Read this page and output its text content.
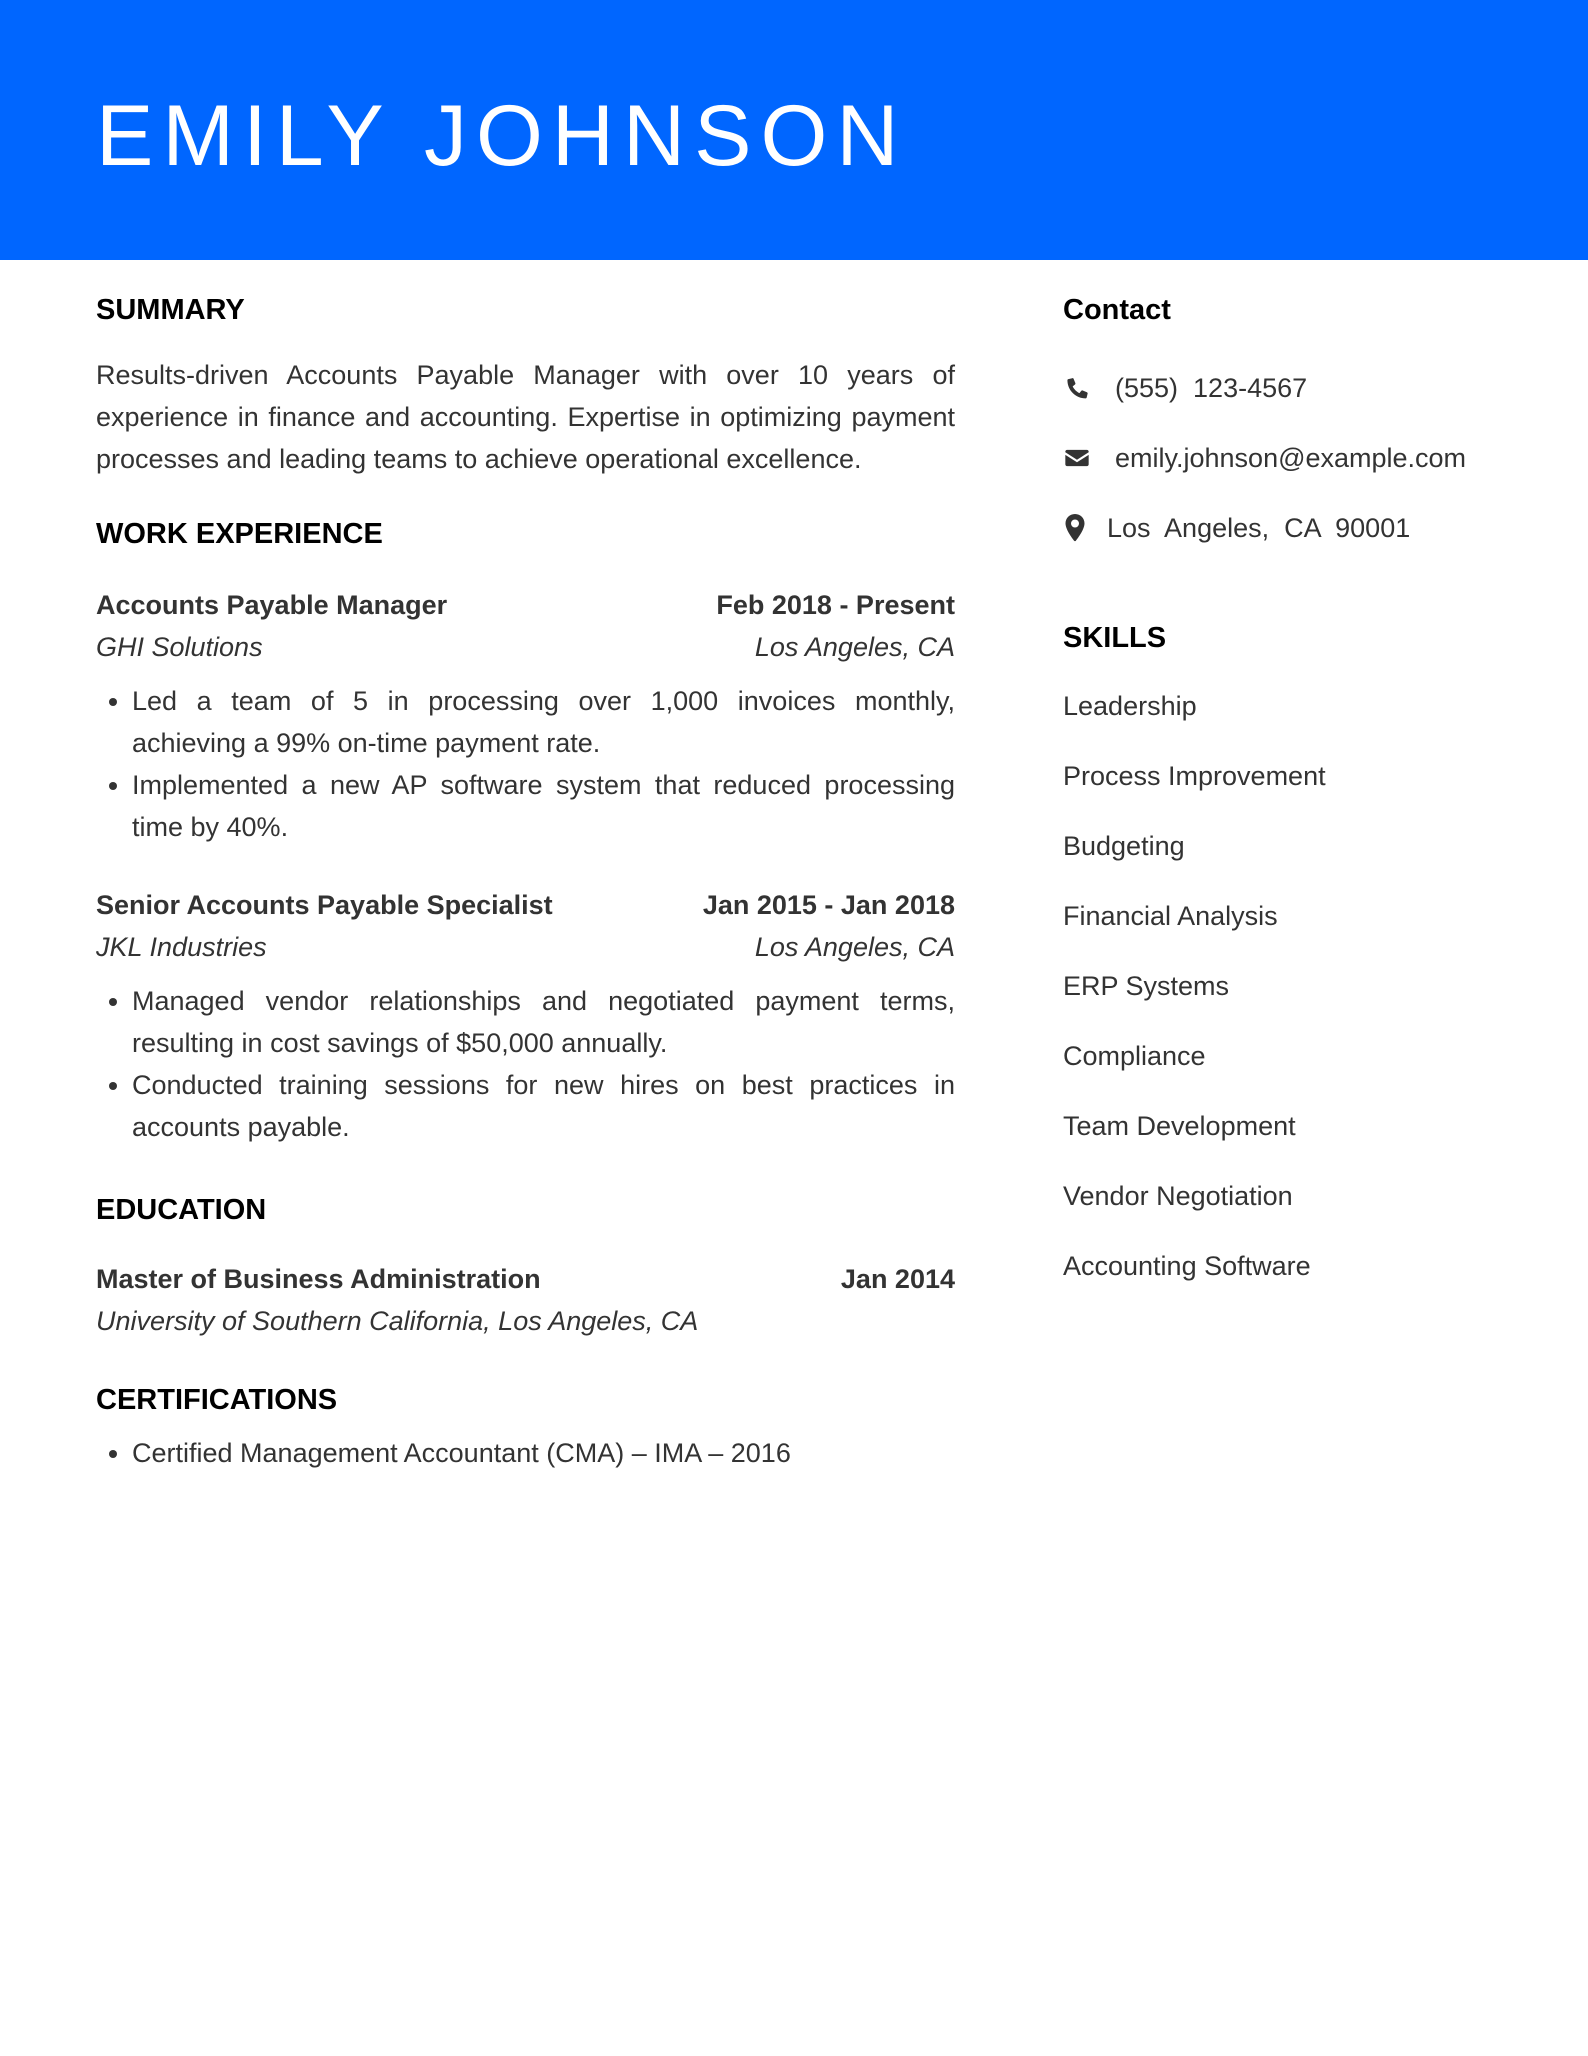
EMILY JOHNSON
SUMMARY

Results-driven Accounts Payable Manager with over 10 years of experience in finance and accounting. Expertise in optimizing payment processes and leading teams to achieve operational excellence.

WORK EXPERIENCE
Accounts Payable Manager	Feb 2018 - Present
GHI Solutions	Los Angeles, CA
• Led a team of 5 in processing over 1,000 invoices monthly, achieving a 99% on-time payment rate.
• Implemented a new AP software system that reduced processing time by 40%.
Senior Accounts Payable Specialist	Jan 2015 - Jan 2018
JKL Industries	Los Angeles, CA
• Managed vendor relationships and negotiated payment terms, resulting in cost savings of $50,000 annually.
• Conducted training sessions for new hires on best practices in accounts payable.
EDUCATION
Master of Business Administration	Jan 2014
University of Southern California, Los Angeles, CA
CERTIFICATIONS
• Certified Management Accountant (CMA) – IMA – 2016
Contact
(555)  123-4567
emily.johnson@example.com
Los  Angeles,  CA  90001
SKILLS
Leadership
Process Improvement
Budgeting
Financial Analysis
ERP Systems
Compliance
Team Development
Vendor Negotiation
Accounting Software
